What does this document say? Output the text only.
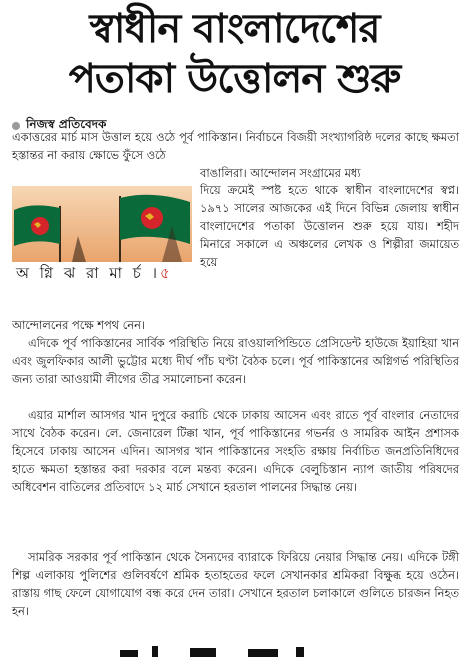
স্বাধীন বাংলাদেশের
পতাকা উত্তোলন শুরু
নিজস্ব প্রতিবেদক

একাত্তরের মার্চ মাস উত্তাল হয়ে ওঠে পূর্ব পাকিস্তান। নির্বাচনে বিজয়ী সংখ্যাগরিষ্ঠ দলের কাছে ক্ষমতা হস্তান্তর না করায় ক্ষোভে ফুঁসে ওঠে

বাঙালিরা। আন্দোলন সংগ্রামের মধ্য

দিয়ে ক্রমেই স্পষ্ট হতে থাকে স্বাধীন বাংলাদেশের স্বপ্ন। ১৯৭১ সালের আজকের এই দিনে বিভিন্ন জেলায় স্বাধীন বাংলাদেশের পতাকা উত্তোলন শুরু হয়ে যায়। শহীদ মিনারে সকালে এ অঞ্চলের লেখক ও শিল্পীরা জমায়েত হয়ে

আন্দোলনের পক্ষে শপথ নেন।

এদিকে পূর্ব পাকিস্তানের সার্বিক পরিস্থিতি নিয়ে রাওয়ালপিন্ডিতে প্রেসিডেন্ট হাউজে ইয়াহিয়া খান এবং জুলফিকার আলী ভুট্টোর মধ্যে দীর্ঘ পাঁচ ঘণ্টা বৈঠক চলে। পূর্ব পাকিস্তানের অগ্নিগর্ভ পরিস্থিতির জন্য তারা আওয়ামী লীগের তীব্র সমালোচনা করেন।

এয়ার মার্শাল আসগর খান দুপুরে করাচি থেকে ঢাকায় আসেন এবং রাতে পূর্ব বাংলার নেতাদের সাথে বৈঠক করেন। লে. জেনারেল টিক্কা খান, পূর্ব পাকিস্তানের গভর্নর ও সামরিক আইন প্রশাসক হিসেবে ঢাকায় আসেন এদিন। আসগর খান পাকিস্তানের সংহতি রক্ষায় নির্বাচিত জনপ্রতিনিধিদের হাতে ক্ষমতা হস্তান্তর করা দরকার বলে মন্তব্য করেন। এদিকে বেলুচিস্তান ন্যাপ জাতীয় পরিষদের অধিবেশন বাতিলের প্রতিবাদে ১২ মার্চ সেখানে হরতাল পালনের সিদ্ধান্ত নেয়।

সামরিক সরকার পূর্ব পাকিস্তান থেকে সৈন্যদের ব্যারাকে ফিরিয়ে নেয়ার সিদ্ধান্ত নেয়। এদিকে টঙ্গী শিল্প এলাকায় পুলিশের গুলিবর্ষণে শ্রমিক হতাহতের ফলে সেখানকার শ্রমিকরা বিক্ষুব্ধ হয়ে ওঠেন। রাস্তায় গাছ ফেলে যোগাযোগ বন্ধ করে দেন তারা। সেখানে হরতাল চলাকালে গুলিতে চারজন নিহত হন।

অ গ্নি ঝ রা মা র্চ ।৫
